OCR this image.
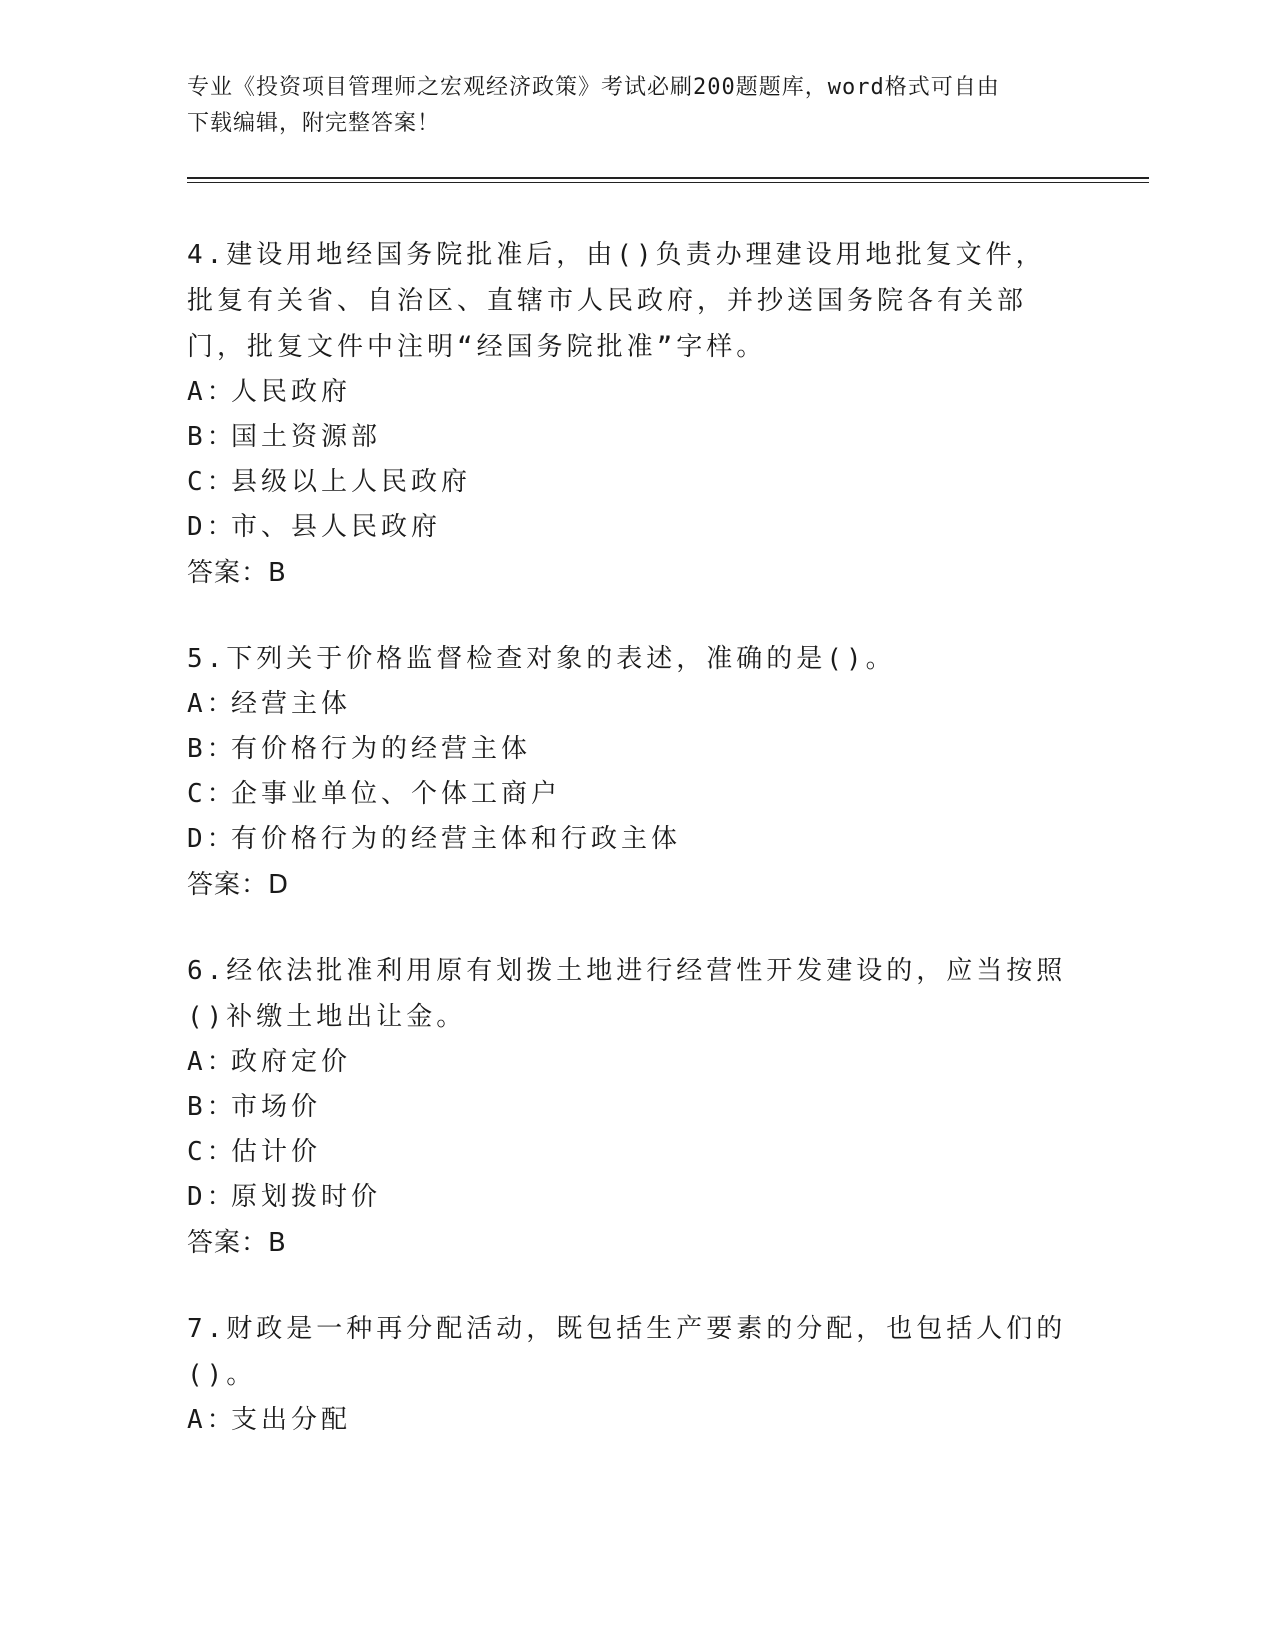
专业《投资项目管理师之宏观经济政策》考试必刷200题题库，word格式可自由
下载编辑，附完整答案！

4.建设用地经国务院批准后，由()负责办理建设用地批复文件，批复有关省、自治区、直辖市人民政府，并抄送国务院各有关部门，批复文件中注明“经国务院批准”字样。

A：
人民政府

B：
国土资源部

C：
县级以上人民政府

D：
市、县人民政府

答案：B

5.下列关于价格监督检查对象的表述，准确的是()。

A：
经营主体

B：
有价格行为的经营主体

C：
企事业单位、个体工商户

D：
有价格行为的经营主体和行政主体

答案：D

6.经依法批准利用原有划拨土地进行经营性开发建设的，应当按照()补缴土地出让金。

A：
政府定价

B：
市场价

C：
估计价

D：
原划拨时价

答案：B

7.财政是一种再分配活动，既包括生产要素的分配，也包括人们的()。

A：
支出分配
